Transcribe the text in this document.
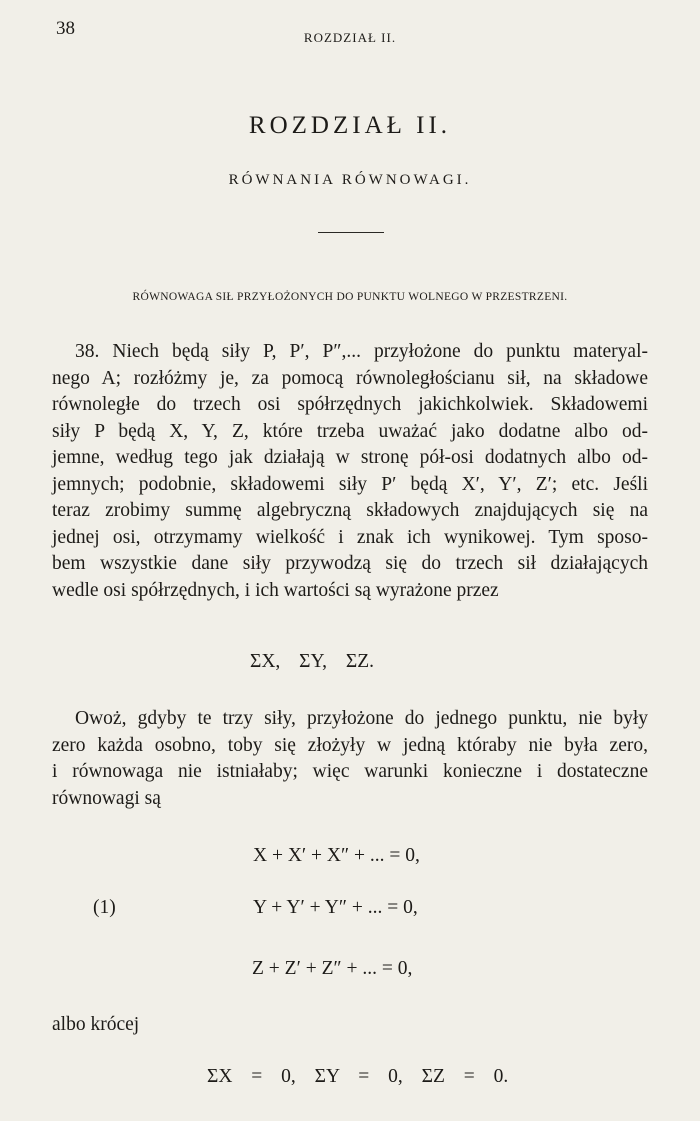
38	ROZDZIAŁ II.
ROZDZIAŁ II.
RÓWNANIA RÓWNOWAGI.
RÓWNOWAGA SIŁ PRZYŁOŻONYCH DO PUNKTU WOLNEGO W PRZESTRZENI.
38. Niech będą siły P, P′, P″,... przyłożone do punktu materyal-
nego A; rozłóżmy je, za pomocą równoległościanu sił, na składowe
równoległe do trzech osi spółrzędnych jakichkolwiek. Składowemi
siły P będą X, Y, Z, które trzeba uważać jako dodatne albo od-
jemne, według tego jak działają w stronę pół-osi dodatnych albo od-
jemnych; podobnie, składowemi siły P′ będą X′, Y′, Z′; etc. Jeśli
teraz zrobimy summę algebryczną składowych znajdujących się na
jednej osi, otrzymamy wielkość i znak ich wynikowej. Tym sposo-
bem wszystkie dane siły przywodzą się do trzech sił działających
wedle osi spółrzędnych, i ich wartości są wyrażone przez
ΣX, ΣY, ΣZ.
Owoż, gdyby te trzy siły, przyłożone do jednego punktu, nie były
zero każda osobno, toby się złożyły w jedną któraby nie była zero,
i równowaga nie istniałaby; więc warunki konieczne i dostateczne
równowagi są
X + X′ + X″ + ... = 0,
(1)	Y + Y′ + Y″ + ... = 0,
Z + Z′ + Z″ + ... = 0,
albo krócej
ΣX = 0, ΣY = 0, ΣZ = 0.
